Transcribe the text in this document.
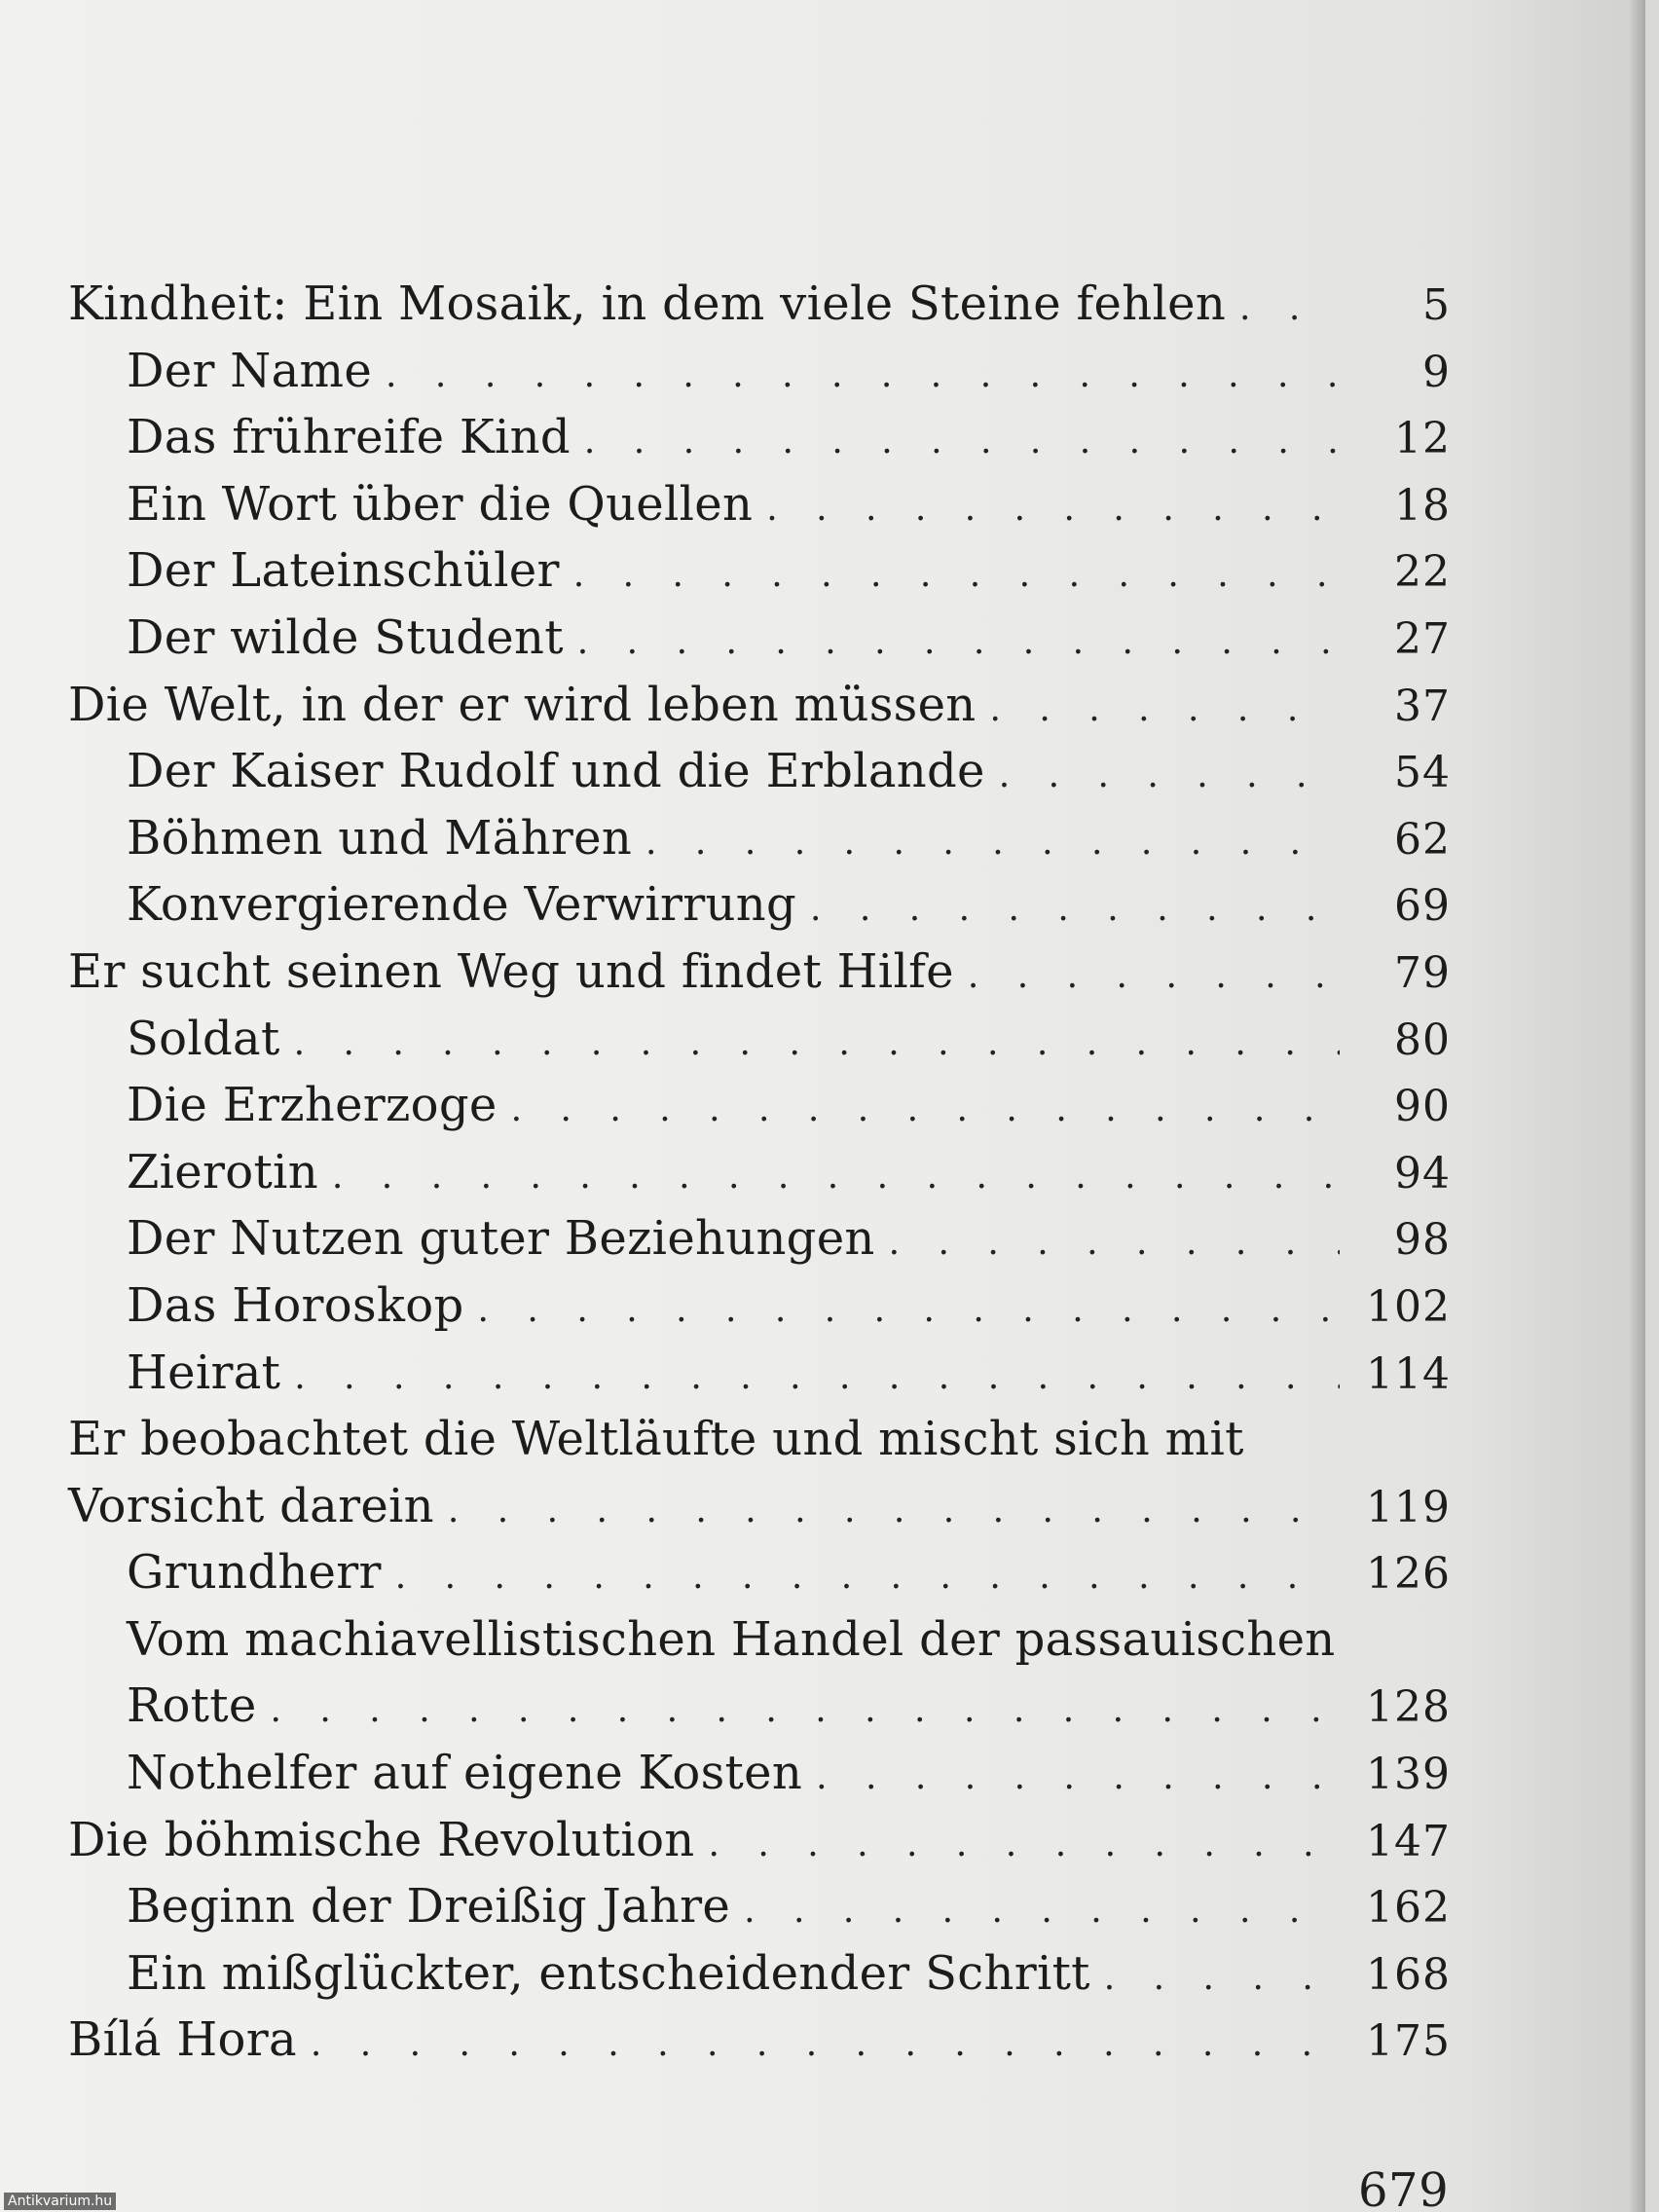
Kindheit: Ein Mosaik, in dem viele Steine fehlen . . .	5
Der Name . . .	9
Das frühreife Kind . . .	12
Ein Wort über die Quellen . . .	18
Der Lateinschüler . . .	22
Der wilde Student . . .	27
Die Welt, in der er wird leben müssen . . .	37
Der Kaiser Rudolf und die Erblande . . .	54
Böhmen und Mähren . . .	62
Konvergierende Verwirrung . . .	69
Er sucht seinen Weg und findet Hilfe . . .	79
Soldat . . .	80
Die Erzherzoge . . .	90
Zierotin . . .	94
Der Nutzen guter Beziehungen . . .	98
Das Horoskop . . .	102
Heirat . . .	114
Er beobachtet die Weltläufte und mischt sich mit
Vorsicht darein . . .	119
Grundherr . . .	126
Vom machiavellistischen Handel der passauischen
Rotte . . .	128
Nothelfer auf eigene Kosten . . .	139
Die böhmische Revolution . . .	147
Beginn der Dreißig Jahre . . .	162
Ein mißglückter, entscheidender Schritt . . .	168
Bílá Hora . . .	175
679
Antikvarium.hu
